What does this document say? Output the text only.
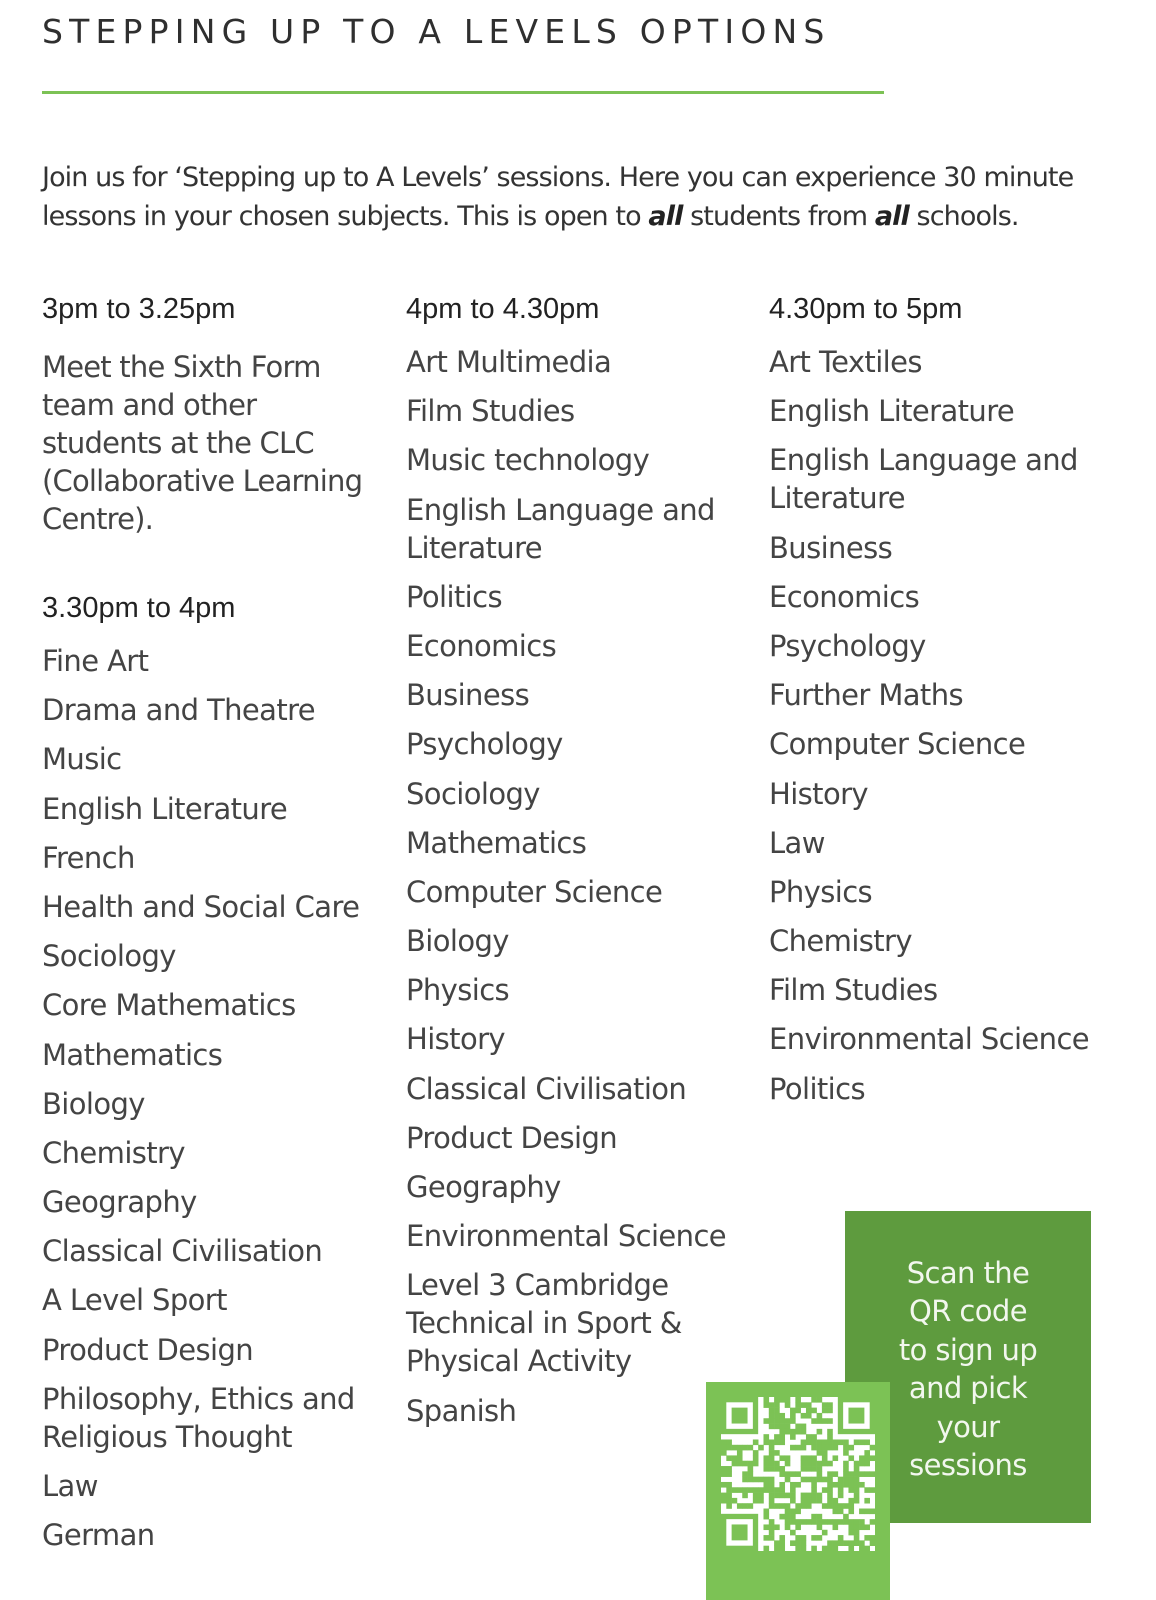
STEPPING UP TO A LEVELS OPTIONS

Join us for ‘Stepping up to A Levels’ sessions. Here you can experience 30 minute lessons in your chosen subjects. This is open to all students from all schools.

3pm to 3.25pm

Meet the Sixth Form team and other students at the CLC (Collaborative Learning Centre).

3.30pm to 4pm
Fine Art
Drama and Theatre
Music
English Literature
French
Health and Social Care
Sociology
Core Mathematics
Mathematics
Biology
Chemistry
Geography
Classical Civilisation
A Level Sport
Product Design
Philosophy, Ethics and Religious Thought
Law
German
4pm to 4.30pm
Art Multimedia
Film Studies
Music technology
English Language and Literature
Politics
Economics
Business
Psychology
Sociology
Mathematics
Computer Science
Biology
Physics
History
Classical Civilisation
Product Design
Geography
Environmental Science
Level 3 Cambridge Technical in Sport & Physical Activity
Spanish
4.30pm to 5pm
Art Textiles
English Literature
English Language and Literature
Business
Economics
Psychology
Further Maths
Computer Science
History
Law
Physics
Chemistry
Film Studies
Environmental Science
Politics

Scan the
QR code
to sign up
and pick
your
sessions
